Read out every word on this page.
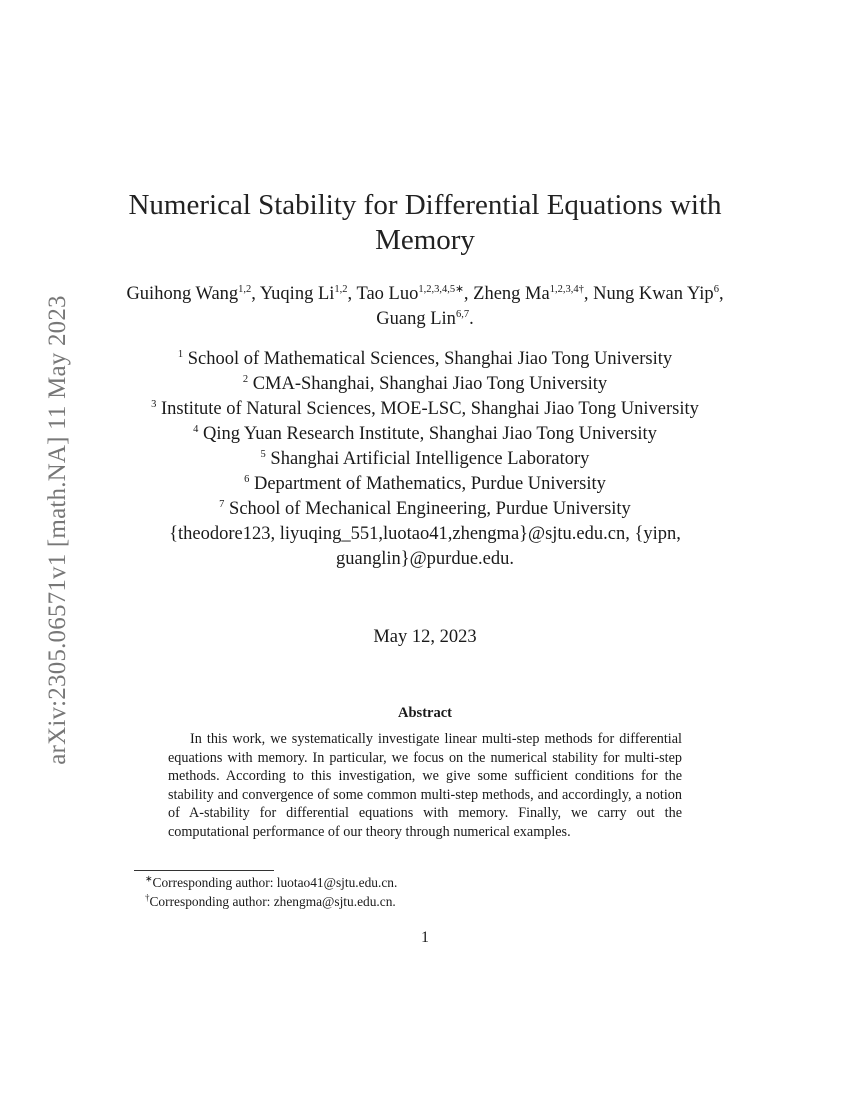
arXiv:2305.06571v1 [math.NA] 11 May 2023
Numerical Stability for Differential Equations with Memory
Guihong Wang$^{1,2}$, Yuqing Li$^{1,2}$, Tao Luo$^{1,2,3,4,5∗}$, Zheng $Ma^{1,2,3,4\dagger}$, Nung Kwan Yip$^6$, Guang Lin$^{6,7}$.
$^1$ School of Mathematical Sciences, Shanghai Jiao Tong University
$^2$ CMA-Shanghai, Shanghai Jiao Tong University
$^3$ Institute of Natural Sciences, MOE-LSC, Shanghai Jiao Tong University
$^4$ Qing Yuan Research Institute, Shanghai Jiao Tong University
$^5$ Shanghai Artificial Intelligence Laboratory
$^6$ Department of Mathematics, Purdue University
$^7$ School of Mechanical Engineering, Purdue University
{theodore123, liyuqing_551,luotao41,zhengma}@sjtu.edu.cn, {yipn, guanglin}@purdue.edu.
May 12, 2023
Abstract
In this work, we systematically investigate linear multi-step methods for differential equations with memory. In particular, we focus on the numerical stability for multi-step methods. According to this investigation, we give some sufficient conditions for the stability and convergence of some common multi-step methods, and accordingly, a notion of A-stability for differential equations with memory. Finally, we carry out the computational performance of our theory through numerical examples.
∗Corresponding author: luotao41@sjtu.edu.cn.
†Corresponding author: zhengma@sjtu.edu.cn.
1
